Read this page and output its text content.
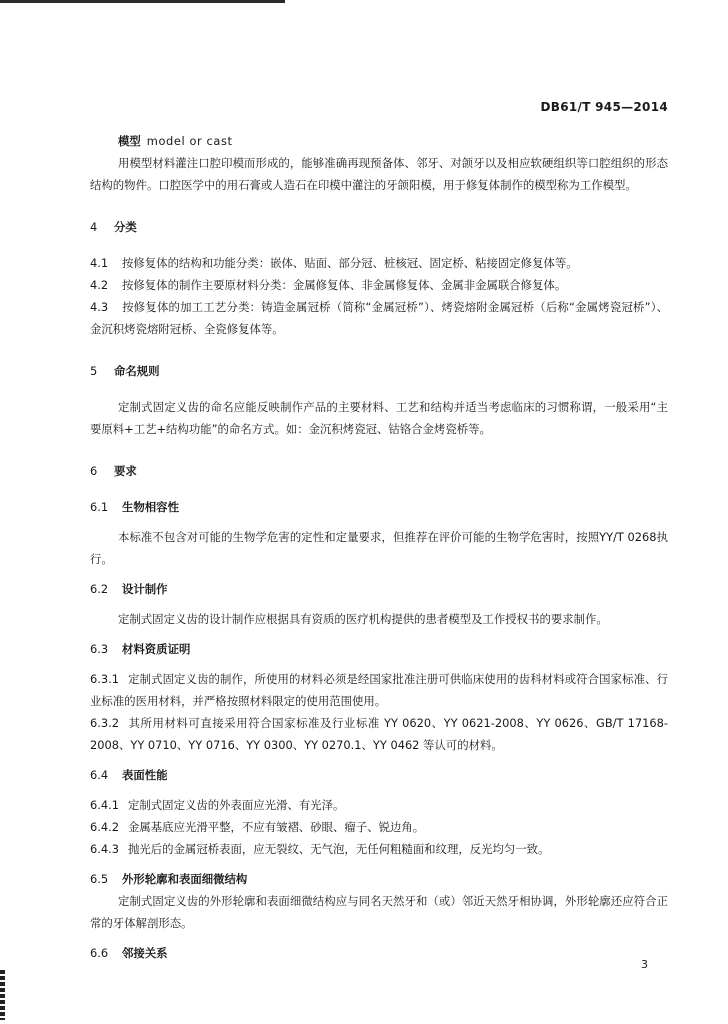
DB61/T 945—2014
模型 model or cast

用模型材料灌注口腔印模而形成的，能够准确再现预备体、邻牙、对颌牙以及相应软硬组织等口腔组织的形态结构的物件。口腔医学中的用石膏或人造石在印模中灌注的牙颌阳模，用于修复体制作的模型称为工作模型。

4 分类

4.1 按修复体的结构和功能分类：嵌体、贴面、部分冠、桩核冠、固定桥、粘接固定修复体等。

4.2 按修复体的制作主要原材料分类：金属修复体、非金属修复体、金属非金属联合修复体。

4.3 按修复体的加工工艺分类：铸造金属冠桥（简称“金属冠桥”）、烤瓷熔附金属冠桥（后称“金属烤瓷冠桥”）、金沉积烤瓷熔附冠桥、全瓷修复体等。

5 命名规则

定制式固定义齿的命名应能反映制作产品的主要材料、工艺和结构并适当考虑临床的习惯称谓，一般采用“主要原料+工艺+结构功能”的命名方式。如：金沉积烤瓷冠、钴铬合金烤瓷桥等。

6 要求
6.1 生物相容性

本标准不包含对可能的生物学危害的定性和定量要求，但推荐在评价可能的生物学危害时，按照YY/T 0268执行。

6.2 设计制作

定制式固定义齿的设计制作应根据具有资质的医疗机构提供的患者模型及工作授权书的要求制作。

6.3 材料资质证明

6.3.1 定制式固定义齿的制作，所使用的材料必须是经国家批准注册可供临床使用的齿科材料或符合国家标准、行业标准的医用材料，并严格按照材料限定的使用范围使用。

6.3.2 其所用材料可直接采用符合国家标准及行业标准 YY 0620、YY 0621-2008、YY 0626、GB/T 17168-2008、YY 0710、YY 0716、YY 0300、YY 0270.1、YY 0462 等认可的材料。

6.4 表面性能

6.4.1 定制式固定义齿的外表面应光滑、有光泽。

6.4.2 金属基底应光滑平整，不应有皱褶、砂眼、瘤子、锐边角。

6.4.3 抛光后的金属冠桥表面，应无裂纹、无气泡，无任何粗糙面和纹理，反光均匀一致。

6.5 外形轮廓和表面细微结构

定制式固定义齿的外形轮廓和表面细微结构应与同名天然牙和（或）邻近天然牙相协调，外形轮廓还应符合正常的牙体解剖形态。

6.6 邻接关系
3
